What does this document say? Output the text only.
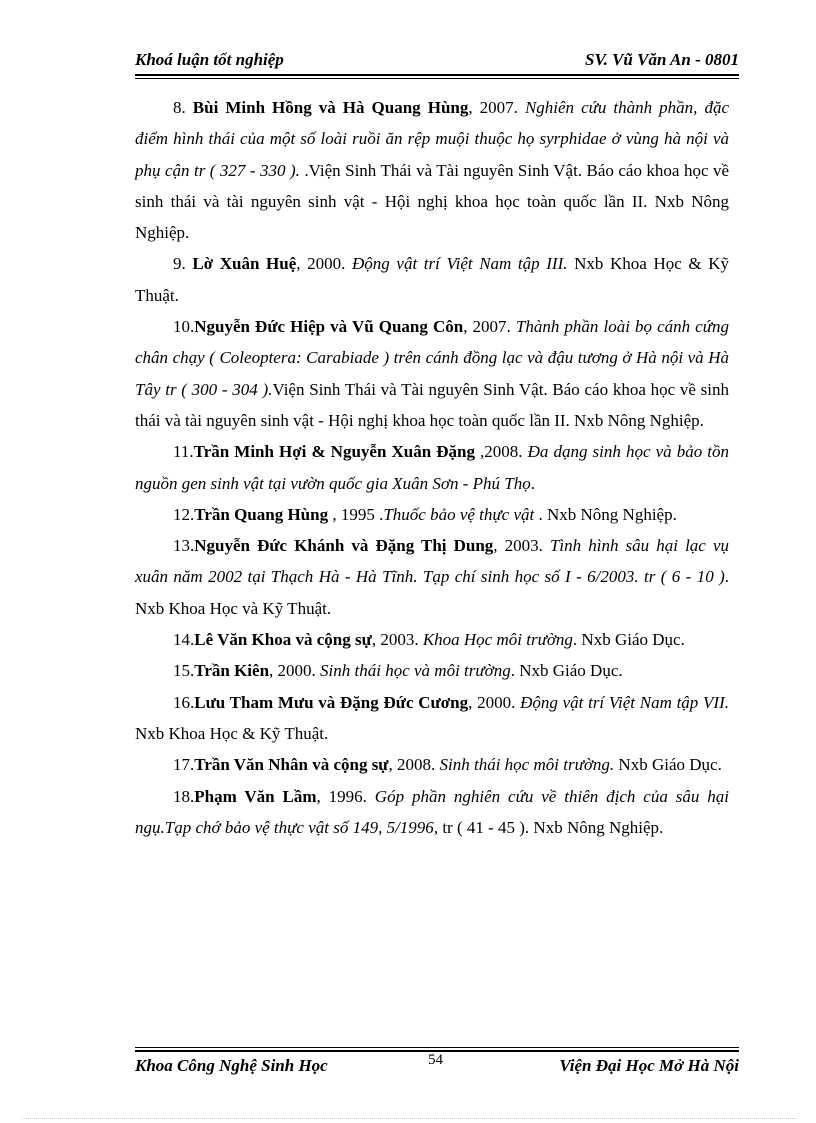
Khoá luận tốt nghiệp	SV. Vũ Văn An - 0801

8. Bùi Minh Hồng và Hà Quang Hùng, 2007. Nghiên cứu thành phần, đặc điểm hình thái của một số loài ruồi ăn rệp muội thuộc họ syrphidae ở vùng hà nội và phụ cận tr ( 327 - 330 ). .Viện Sinh Thái và Tài nguyên Sinh Vật. Báo cáo khoa học về sinh thái và tài nguyên sinh vật - Hội nghị khoa học toàn quốc lần II. Nxb Nông Nghiệp.

9. Lờ Xuân Huệ, 2000. Động vật trí Việt Nam tập III. Nxb Khoa Học & Kỹ Thuật.

10.Nguyễn Đức Hiệp và Vũ Quang Côn, 2007. Thành phần loài bọ cánh cứng chân chạy ( Coleoptera: Carabiade ) trên cánh đồng lạc và đậu tương ở Hà nội và Hà Tây tr ( 300 - 304 ).Viện Sinh Thái và Tài nguyên Sinh Vật. Báo cáo khoa học về sinh thái và tài nguyên sinh vật - Hội nghị khoa học toàn quốc lần II. Nxb Nông Nghiệp.

11.Trần Minh Hợi & Nguyễn Xuân Đặng ,2008. Đa dạng sinh học và bảo tồn nguồn gen sinh vật tại vườn quốc gia Xuân Sơn - Phú Thọ.

12.Trần Quang Hùng , 1995 .Thuốc bảo vệ thực vật . Nxb Nông Nghiệp.

13.Nguyễn Đức Khánh và Đặng Thị Dung, 2003. Tình hình sâu hại lạc vụ xuân năm 2002 tại Thạch Hà - Hà Tĩnh. Tạp chí sinh học số I - 6/2003. tr ( 6 - 10 ). Nxb Khoa Học và Kỹ Thuật.

14.Lê Văn Khoa và cộng sự, 2003. Khoa Học môi trường. Nxb Giáo Dục.

15.Trần Kiên, 2000. Sinh thái học và môi trường. Nxb Giáo Dục.

16.Lưu Tham Mưu và Đặng Đức Cương, 2000. Động vật trí Việt Nam tập VII. Nxb Khoa Học & Kỹ Thuật.

17.Trần Văn Nhân và cộng sự, 2008. Sinh thái học môi trường. Nxb Giáo Dục.

18.Phạm Văn Lầm, 1996. Góp phần nghiên cứu về thiên địch của sâu hại ngụ.Tạp chớ bảo vệ thực vật số 149, 5/1996, tr ( 41 - 45 ). Nxb Nông Nghiệp.

Khoa Công Nghệ Sinh Học	54	Viện Đại Học Mở Hà Nội
